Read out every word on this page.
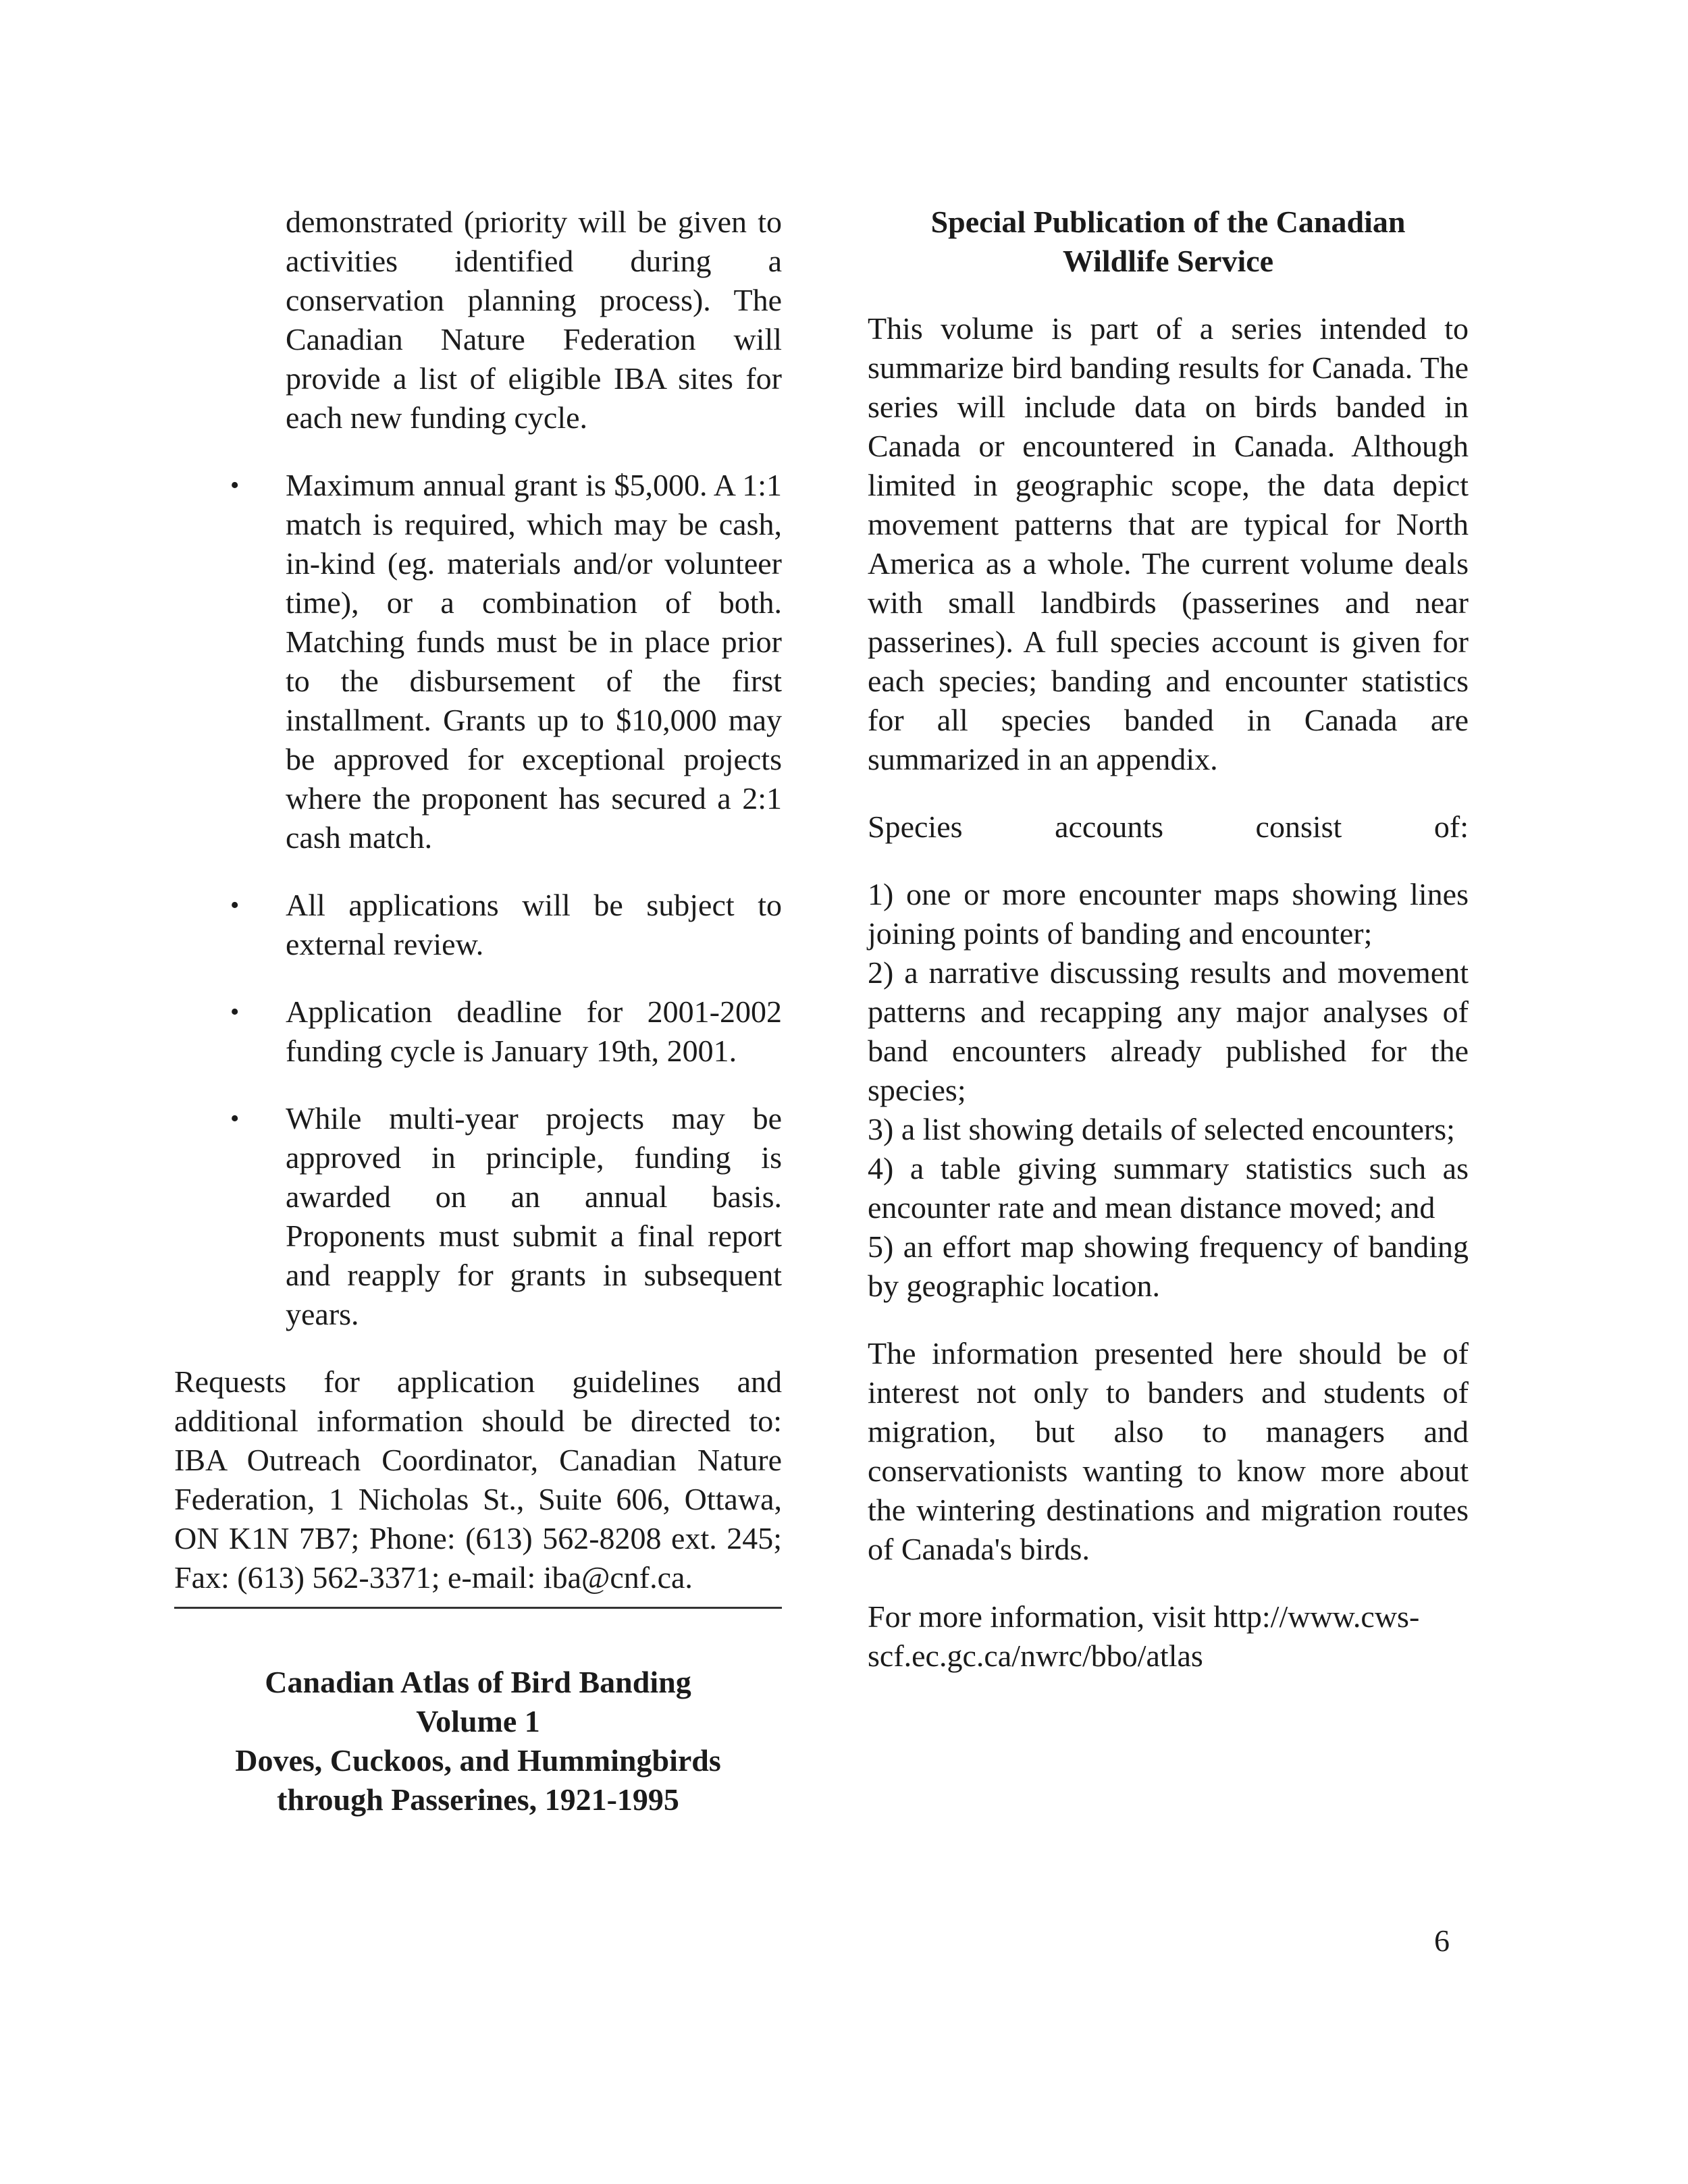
demonstrated (priority will be given to activities identified during a conservation planning process). The Canadian Nature Federation will provide a list of eligible IBA sites for each new funding cycle.

• Maximum annual grant is $5,000. A 1:1 match is required, which may be cash, in-kind (eg. materials and/or volunteer time), or a combination of both. Matching funds must be in place prior to the disbursement of the first installment. Grants up to $10,000 may be approved for exceptional projects where the proponent has secured a 2:1 cash match.
• All applications will be subject to external review.
• Application deadline for 2001-2002 funding cycle is January 19th, 2001.
• While multi-year projects may be approved in principle, funding is awarded on an annual basis. Proponents must submit a final report and reapply for grants in subsequent years.

Requests for application guidelines and additional information should be directed to: IBA Outreach Coordinator, Canadian Nature Federation, 1 Nicholas St., Suite 606, Ottawa, ON K1N 7B7; Phone: (613) 562-8208 ext. 245; Fax: (613) 562-3371; e-mail: iba@cnf.ca.

Canadian Atlas of Bird Banding
Volume 1
Doves, Cuckoos, and Hummingbirds
through Passerines, 1921-1995
Special Publication of the Canadian
Wildlife Service

This volume is part of a series intended to summarize bird banding results for Canada. The series will include data on birds banded in Canada or encountered in Canada. Although limited in geographic scope, the data depict movement patterns that are typical for North America as a whole. The current volume deals with small landbirds (passerines and near passerines). A full species account is given for each species; banding and encounter statistics for all species banded in Canada are summarized in an appendix.

Species	accounts	consist	of:

1) one or more encounter maps showing lines joining points of banding and encounter;

2) a narrative discussing results and movement patterns and recapping any major analyses of band encounters already published for the species;

3) a list showing details of selected encounters;

4) a table giving summary statistics such as encounter rate and mean distance moved; and

5) an effort map showing frequency of banding by geographic location.

The information presented here should be of interest not only to banders and students of migration, but also to managers and conservationists wanting to know more about the wintering destinations and migration routes of Canada's birds.

For more information, visit http://www.cws-scf.ec.gc.ca/nwrc/bbo/atlas

6
